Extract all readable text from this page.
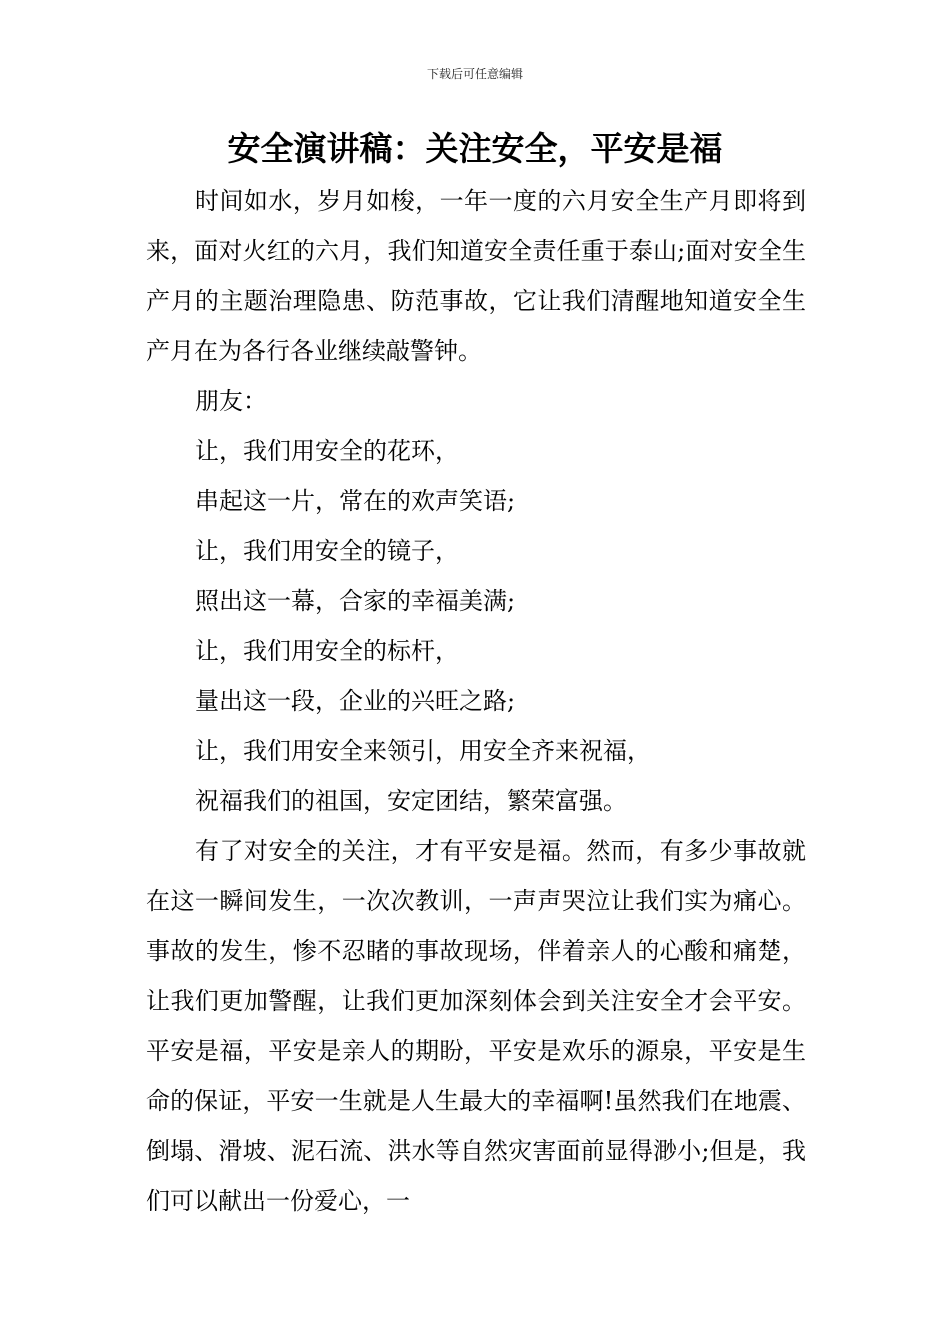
下载后可任意编辑
安全演讲稿：关注安全，平安是福

时间如水，岁月如梭，一年一度的六月安全生产月即将到来，面对火红的六月，我们知道安全责任重于泰山;面对安全生产月的主题治理隐患、防范事故，它让我们清醒地知道安全生产月在为各行各业继续敲警钟。

朋友：

让，我们用安全的花环，

串起这一片，常在的欢声笑语;

让，我们用安全的镜子，

照出这一幕，合家的幸福美满;

让，我们用安全的标杆，

量出这一段，企业的兴旺之路;

让，我们用安全来领引，用安全齐来祝福，

祝福我们的祖国，安定团结，繁荣富强。

有了对安全的关注，才有平安是福。然而，有多少事故就在这一瞬间发生，一次次教训，一声声哭泣让我们实为痛心。事故的发生，惨不忍睹的事故现场，伴着亲人的心酸和痛楚，让我们更加警醒，让我们更加深刻体会到关注安全才会平安。平安是福，平安是亲人的期盼，平安是欢乐的源泉，平安是生命的保证，平安一生就是人生最大的幸福啊!虽然我们在地震、倒塌、滑坡、泥石流、洪水等自然灾害面前显得渺小;但是，我们可以献出一份爱心，一
